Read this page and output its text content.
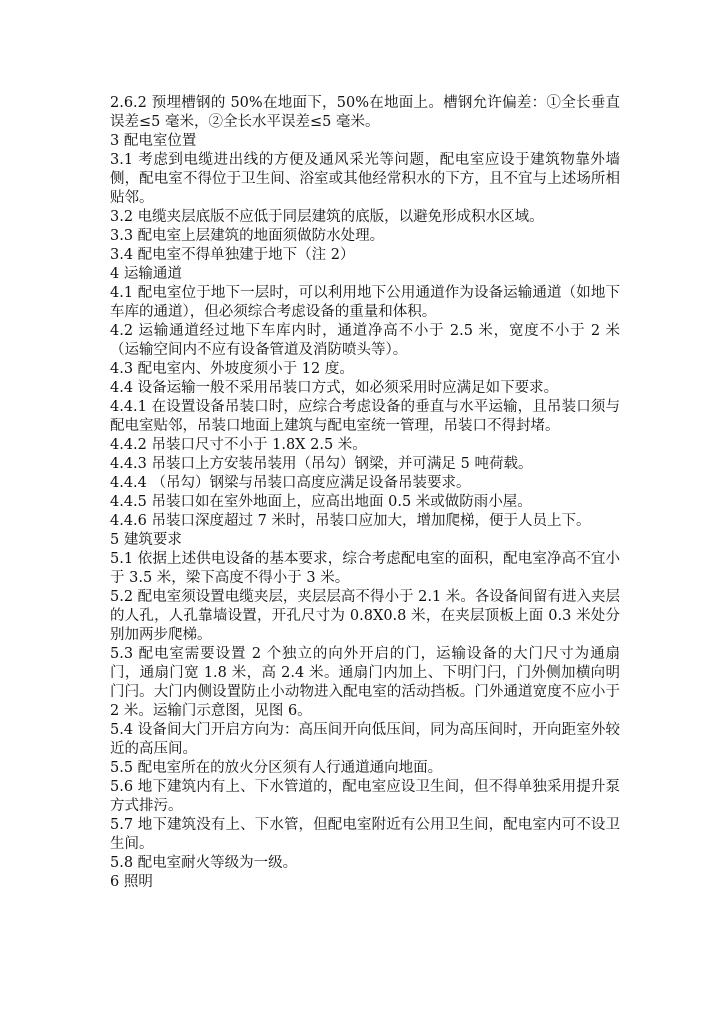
2.6.2 预埋槽钢的 50%在地面下，50%在地面上。槽钢允许偏差：①全长垂直误差≤5 毫米，②全长水平误差≤5 毫米。

3 配电室位置

3.1 考虑到电缆进出线的方便及通风采光等问题，配电室应设于建筑物靠外墙侧，配电室不得位于卫生间、浴室或其他经常积水的下方，且不宜与上述场所相贴邻。

3.2 电缆夹层底版不应低于同层建筑的底版，以避免形成积水区域。

3.3 配电室上层建筑的地面须做防水处理。

3.4 配电室不得单独建于地下（注 2）

4 运输通道

4.1 配电室位于地下一层时，可以利用地下公用通道作为设备运输通道（如地下车库的通道），但必须综合考虑设备的重量和体积。

4.2 运输通道经过地下车库内时，通道净高不小于 2.5 米，宽度不小于 2 米（运输空间内不应有设备管道及消防喷头等）。

4.3 配电室内、外坡度须小于 12 度。

4.4 设备运输一般不采用吊装口方式，如必须采用时应满足如下要求。

4.4.1 在设置设备吊装口时，应综合考虑设备的垂直与水平运输，且吊装口须与配电室贴邻，吊装口地面上建筑与配电室统一管理，吊装口不得封堵。

4.4.2 吊装口尺寸不小于 1.8X 2.5 米。

4.4.3 吊装口上方安装吊装用（吊勾）钢梁，并可满足 5 吨荷载。

4.4.4 （吊勾）钢梁与吊装口高度应满足设备吊装要求。

4.4.5 吊装口如在室外地面上，应高出地面 0.5 米或做防雨小屋。

4.4.6 吊装口深度超过 7 米时，吊装口应加大，增加爬梯，便于人员上下。

5 建筑要求

5.1 依据上述供电设备的基本要求，综合考虑配电室的面积，配电室净高不宜小于 3.5 米，梁下高度不得小于 3 米。

5.2 配电室须设置电缆夹层，夹层层高不得小于 2.1 米。各设备间留有进入夹层的人孔，人孔靠墙设置，开孔尺寸为 0.8X0.8 米，在夹层顶板上面 0.3 米处分别加两步爬梯。

5.3 配电室需要设置 2 个独立的向外开启的门，运输设备的大门尺寸为通扇门，通扇门宽 1.8 米，高 2.4 米。通扇门内加上、下明门闩，门外侧加横向明门闩。大门内侧设置防止小动物进入配电室的活动挡板。门外通道宽度不应小于 2 米。运输门示意图，见图 6。

5.4 设备间大门开启方向为：高压间开向低压间，同为高压间时，开向距室外较近的高压间。

5.5 配电室所在的放火分区须有人行通道通向地面。

5.6 地下建筑内有上、下水管道的，配电室应设卫生间，但不得单独采用提升泵方式排污。

5.7 地下建筑没有上、下水管，但配电室附近有公用卫生间，配电室内可不设卫生间。

5.8 配电室耐火等级为一级。

6 照明
